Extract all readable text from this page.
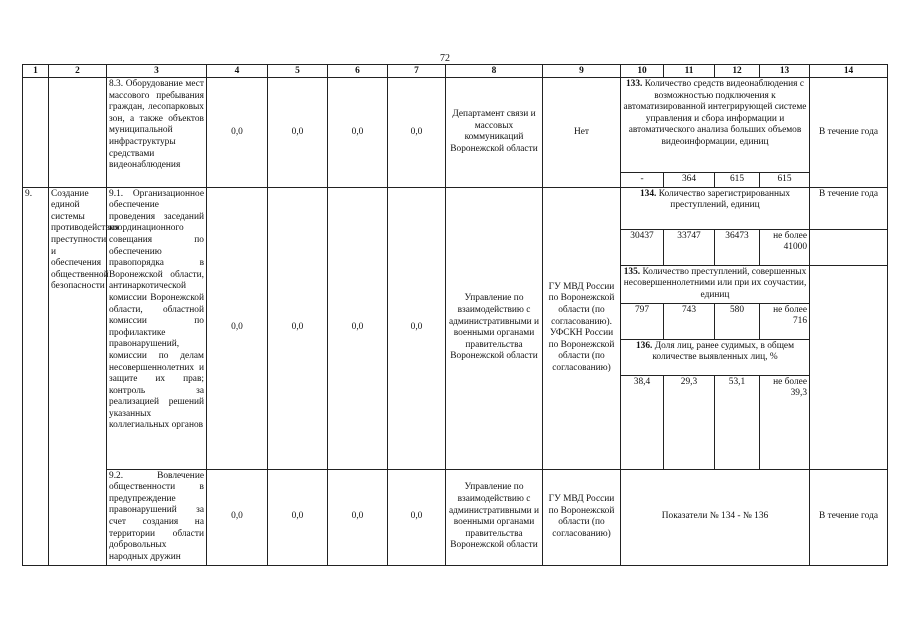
72
1	2	3	4	5	6	7	8	9	10	11	12	13	14
		8.3. Оборудование мест массового пребывания граждан, лесопарковых зон, а также объектов муниципальной инфраструктуры средствами видеонаблюдения	0,0	0,0	0,0	0,0	Департамент связи и массовых коммуникаций Воронежской области	Нет	133. Количество средств видеонаблюдения с возможностью подключения к автоматизированной интегрирующей системе управления и сбора информации и автоматического анализа больших объемов видеоинформации, единиц				В течение года
									-	364	615	615	
9.	Создание единой системы противодействия преступности и обеспечения общественной безопасности	9.1. Организационное обеспечение проведения заседаний координационного совещания по обеспечению правопорядка в Воронежской области, антинаркотической комиссии Воронежской области, областной комиссии по профилактике правонарушений, комиссии по делам несовершеннолетних и защите их прав; контроль за реализацией решений указанных коллегиальных органов	0,0	0,0	0,0	0,0	Управление по взаимодействию с административными и военными органами правительства Воронежской области	ГУ МВД России по Воронежской области (по согласованию). УФСКН России по Воронежской области (по согласованию)	134. Количество зарегистрированных преступлений, единиц				В течение года
									30437	33747	36473	не более 41000	
									135. Количество преступлений, совершенных несовершеннолетними или при их соучастии, единиц				
									797	743	580	не более 716	
									136. Доля лиц, ранее судимых, в общем количестве выявленных лиц, %				
									38,4	29,3	53,1	не более 39,3	
		9.2. Вовлечение общественности в предупреждение правонарушений за счет создания на территории области добровольных народных дружин	0,0	0,0	0,0	0,0	Управление по взаимодействию с административными и военными органами правительства Воронежской области	ГУ МВД России по Воронежской области (по согласованию)	Показатели № 134 - № 136				В течение года
